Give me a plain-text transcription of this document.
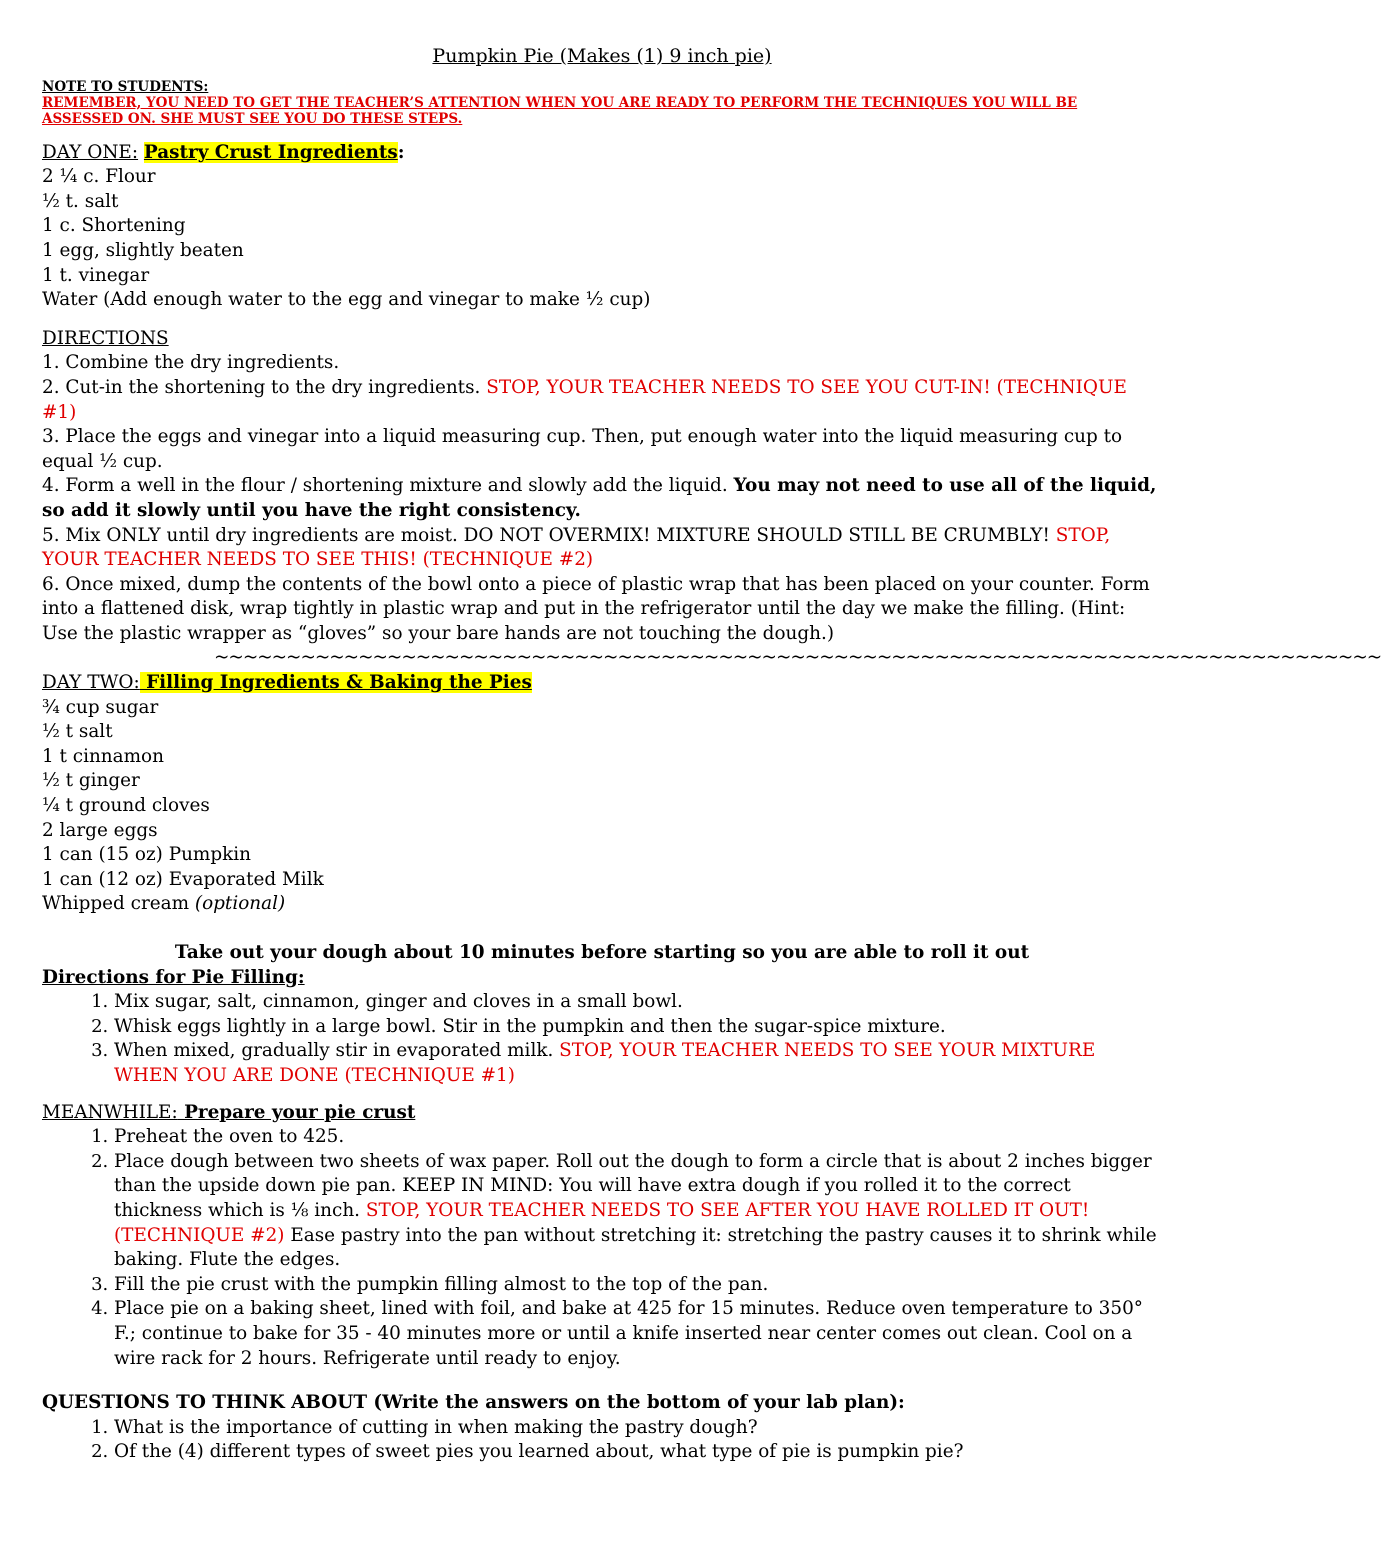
Pumpkin Pie (Makes (1) 9 inch pie)
NOTE TO STUDENTS:
REMEMBER, YOU NEED TO GET THE TEACHER’S ATTENTION WHEN YOU ARE READY TO PERFORM THE TECHNIQUES YOU WILL BE ASSESSED ON. SHE MUST SEE YOU DO THESE STEPS.
DAY ONE: Pastry Crust Ingredients:
2 ¼ c. Flour
½ t. salt
1 c. Shortening
1 egg, slightly beaten
1 t. vinegar
Water (Add enough water to the egg and vinegar to make ½ cup)
DIRECTIONS
1. Combine the dry ingredients.
2. Cut-in the shortening to the dry ingredients. STOP, YOUR TEACHER NEEDS TO SEE YOU CUT-IN! (TECHNIQUE #1)
3. Place the eggs and vinegar into a liquid measuring cup. Then, put enough water into the liquid measuring cup to equal ½ cup.
4. Form a well in the flour / shortening mixture and slowly add the liquid. You may not need to use all of the liquid, so add it slowly until you have the right consistency.
5. Mix ONLY until dry ingredients are moist. DO NOT OVERMIX! MIXTURE SHOULD STILL BE CRUMBLY! STOP, YOUR TEACHER NEEDS TO SEE THIS! (TECHNIQUE #2)
6. Once mixed, dump the contents of the bowl onto a piece of plastic wrap that has been placed on your counter. Form into a flattened disk, wrap tightly in plastic wrap and put in the refrigerator until the day we make the filling. (Hint: Use the plastic wrapper as “gloves” so your bare hands are not touching the dough.)
~~~~~~~~~~~~~~~~~~~~~~~~~~~~~~~~~~~~~~~~~~~~~~~~~~~~~~~~~~~~~~~~~~~~~~~~~~~~~~~~~
DAY TWO: Filling Ingredients & Baking the Pies
¾ cup sugar
½ t salt
1 t cinnamon
½ t ginger
¼ t ground cloves
2 large eggs
1 can (15 oz) Pumpkin
1 can (12 oz) Evaporated Milk
Whipped cream (optional)
Take out your dough about 10 minutes before starting so you are able to roll it out
Directions for Pie Filling:
1. Mix sugar, salt, cinnamon, ginger and cloves in a small bowl.
2. Whisk eggs lightly in a large bowl. Stir in the pumpkin and then the sugar-spice mixture.
3. When mixed, gradually stir in evaporated milk. STOP, YOUR TEACHER NEEDS TO SEE YOUR MIXTURE WHEN YOU ARE DONE (TECHNIQUE #1)
MEANWHILE: Prepare your pie crust
1. Preheat the oven to 425.
2. Place dough between two sheets of wax paper. Roll out the dough to form a circle that is about 2 inches bigger than the upside down pie pan. KEEP IN MIND: You will have extra dough if you rolled it to the correct thickness which is ⅛ inch. STOP, YOUR TEACHER NEEDS TO SEE AFTER YOU HAVE ROLLED IT OUT! (TECHNIQUE #2) Ease pastry into the pan without stretching it: stretching the pastry causes it to shrink while baking. Flute the edges.
3. Fill the pie crust with the pumpkin filling almost to the top of the pan.
4. Place pie on a baking sheet, lined with foil, and bake at 425 for 15 minutes. Reduce oven temperature to 350° F.; continue to bake for 35 - 40 minutes more or until a knife inserted near center comes out clean. Cool on a wire rack for 2 hours. Refrigerate until ready to enjoy.
QUESTIONS TO THINK ABOUT (Write the answers on the bottom of your lab plan):
1. What is the importance of cutting in when making the pastry dough?
2. Of the (4) different types of sweet pies you learned about, what type of pie is pumpkin pie?
